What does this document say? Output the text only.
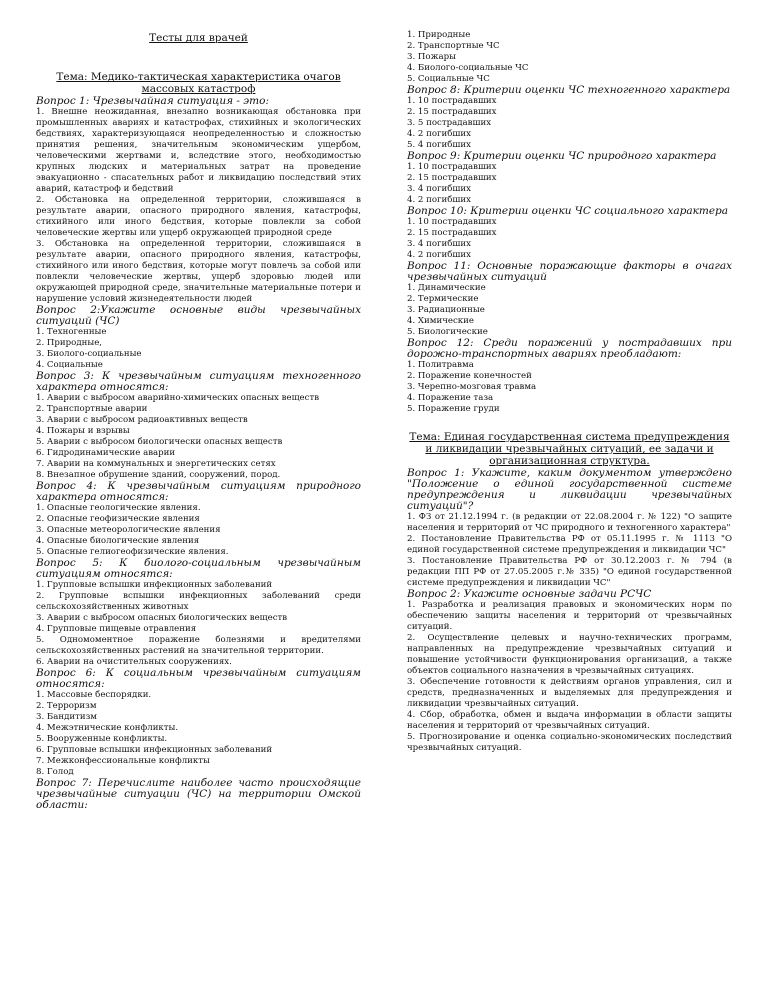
Тесты для врачей
Тема: Медико-тактическая характеристика очагов массовых катастроф
Вопрос 1: Чрезвычайная ситуация - это:
1. Внешне неожиданная, внезапно возникающая обстановка при промышленных авариях и катастрофах, стихийных и экологических бедствиях, характеризующаяся неопределенностью и сложностью принятия решения, значительным экономическим ущербом, человеческими жертвами и, вследствие этого, необходимостью крупных людских и материальных затрат на проведение эвакуационно - спасательных работ и ликвидацию последствий этих аварий, катастроф и бедствий
2. Обстановка на определенной территории, сложившаяся в результате аварии, опасного природного явления, катастрофы, стихийного или иного бедствия, которые повлекли за собой человеческие жертвы или ущерб окружающей природной среде
3. Обстановка на определенной территории, сложившаяся в результате аварии, опасного природного явления, катастрофы, стихийного или иного бедствия, которые могут повлечь за собой или повлекли человеческие жертвы, ущерб здоровью людей или окружающей природной среде, значительные материальные потери и нарушение условий жизнедеятельности людей
Вопрос 2:Укажите основные виды чрезвычайных ситуаций (ЧС)
1. Техногенные
2. Природные,
3. Биолого-социальные
4. Социальные
Вопрос 3: К чрезвычайным ситуациям техногенного характера относятся:
1. Аварии с выбросом аварийно-химических опасных веществ
2. Транспортные аварии
3. Аварии с выбросом радиоактивных веществ
4. Пожары и взрывы
5. Аварии с выбросом биологически опасных веществ
6. Гидродинамические аварии
7. Аварии на коммунальных и энергетических сетях
8. Внезапное обрушение зданий, сооружений, пород.
Вопрос 4: К чрезвычайным ситуациям природного характера относятся:
1. Опасные геологические явления.
2. Опасные геофизические явления
3. Опасные метеорологические явления
4. Опасные биологические явления
5. Опасные гелиогеофизические явления.
Вопрос 5: К биолого-социальным чрезвычайным ситуациям относятся:
1. Групповые вспышки инфекционных заболеваний
2. Групповые вспышки инфекционных заболеваний среди сельскохозяйственных животных
3. Аварии с выбросом опасных биологических веществ
4. Групповые пищевые отравления
5. Одномоментное поражение болезнями и вредителями сельскохозяйственных растений на значительной территории.
6. Аварии на очистительных сооружениях.
Вопрос 6: К социальным чрезвычайным ситуациям относятся:
1. Массовые беспорядки.
2. Терроризм
3. Бандитизм
4. Межэтнические конфликты.
5. Вооруженные конфликты.
6. Групповые вспышки инфекционных заболеваний
7. Межконфессиональные конфликты
8. Голод
Вопрос 7: Перечислите наиболее часто происходящие чрезвычайные ситуации (ЧС) на территории Омской области:
1. Природные
2. Транспортные ЧС
3. Пожары
4. Биолого-социальные ЧС
5. Социальные ЧС
Вопрос 8: Критерии оценки ЧС техногенного характера
1. 10 пострадавших
2. 15 пострадавших
3. 5 пострадавших
4. 2 погибших
5. 4 погибших
Вопрос 9: Критерии оценки ЧС природного характера
1. 10 пострадавших
2. 15 пострадавших
3. 4 погибших
4. 2 погибших
Вопрос 10: Критерии оценки ЧС социального характера
1. 10 пострадавших
2. 15 пострадавших
3. 4 погибших
4. 2 погибших
Вопрос 11: Основные поражающие факторы в очагах чрезвычайных ситуаций
1. Динамические
2. Термические
3. Радиационные
4. Химические
5. Биологические
Вопрос 12: Среди поражений у пострадавших при дорожно-транспортных авариях преобладают:
1. Политравма
2. Поражение конечностей
3. Черепно-мозговая травма
4. Поражение таза
5. Поражение груди
Тема: Единая государственная система предупреждения и ликвидации чрезвычайных ситуаций, ее задачи и организационная структура.
Вопрос 1: Укажите, каким документом утверждено "Положение о единой государственной системе предупреждения и ликвидации чрезвычайных ситуаций"?
1. ФЗ от 21.12.1994 г. (в редакции от 22.08.2004 г. № 122) "О защите населения и территорий от ЧС природного и техногенного характера"
2. Постановление Правительства РФ от 05.11.1995 г. № 1113 "О единой государственной системе предупреждения и ликвидации ЧС"
3. Постановление Правительства РФ от 30.12.2003 г. № 794 (в редакции ПП РФ от 27.05.2005 г.№ 335) "О единой государственной системе предупреждения и ликвидации ЧС"
Вопрос 2: Укажите основные задачи РСЧС
1. Разработка и реализация правовых и экономических норм по обеспечению защиты населения и территорий от чрезвычайных ситуаций.
2. Осуществление целевых и научно-технических программ, направленных на предупреждение чрезвычайных ситуаций и повышение устойчивости функционирования организаций, а также объектов социального назначения в чрезвычайных ситуациях.
3. Обеспечение готовности к действиям органов управления, сил и средств, предназначенных и выделяемых для предупреждения и ликвидации чрезвычайных ситуаций.
4. Сбор, обработка, обмен и выдача информации в области защиты населения и территорий от чрезвычайных ситуаций.
5. Прогнозирование и оценка социально-экономических последствий чрезвычайных ситуаций.
